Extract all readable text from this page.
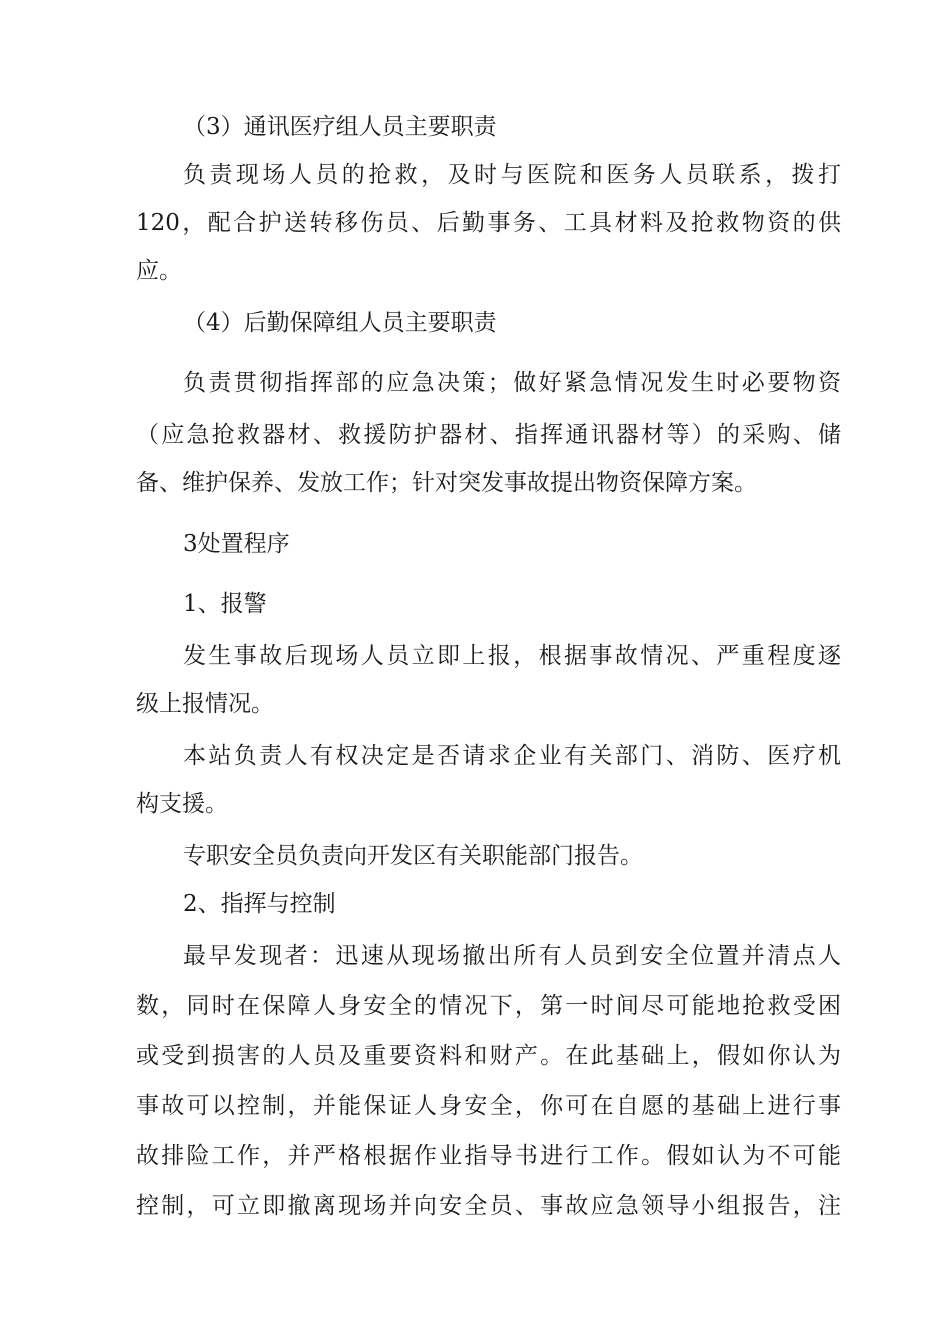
（3）通讯医疗组人员主要职责
负责现场人员的抢救，及时与医院和医务人员联系，拨打
120，配合护送转移伤员、后勤事务、工具材料及抢救物资的供
应。
（4）后勤保障组人员主要职责
负责贯彻指挥部的应急决策；做好紧急情况发生时必要物资
（应急抢救器材、救援防护器材、指挥通讯器材等）的采购、储
备、维护保养、发放工作；针对突发事故提出物资保障方案。
3处置程序
1、报警
发生事故后现场人员立即上报，根据事故情况、严重程度逐
级上报情况。
本站负责人有权决定是否请求企业有关部门、消防、医疗机
构支援。
专职安全员负责向开发区有关职能部门报告。
2、指挥与控制
最早发现者：迅速从现场撤出所有人员到安全位置并清点人
数，同时在保障人身安全的情况下，第一时间尽可能地抢救受困
或受到损害的人员及重要资料和财产。在此基础上，假如你认为
事故可以控制，并能保证人身安全，你可在自愿的基础上进行事
故排险工作，并严格根据作业指导书进行工作。假如认为不可能
控制，可立即撤离现场并向安全员、事故应急领导小组报告，注
